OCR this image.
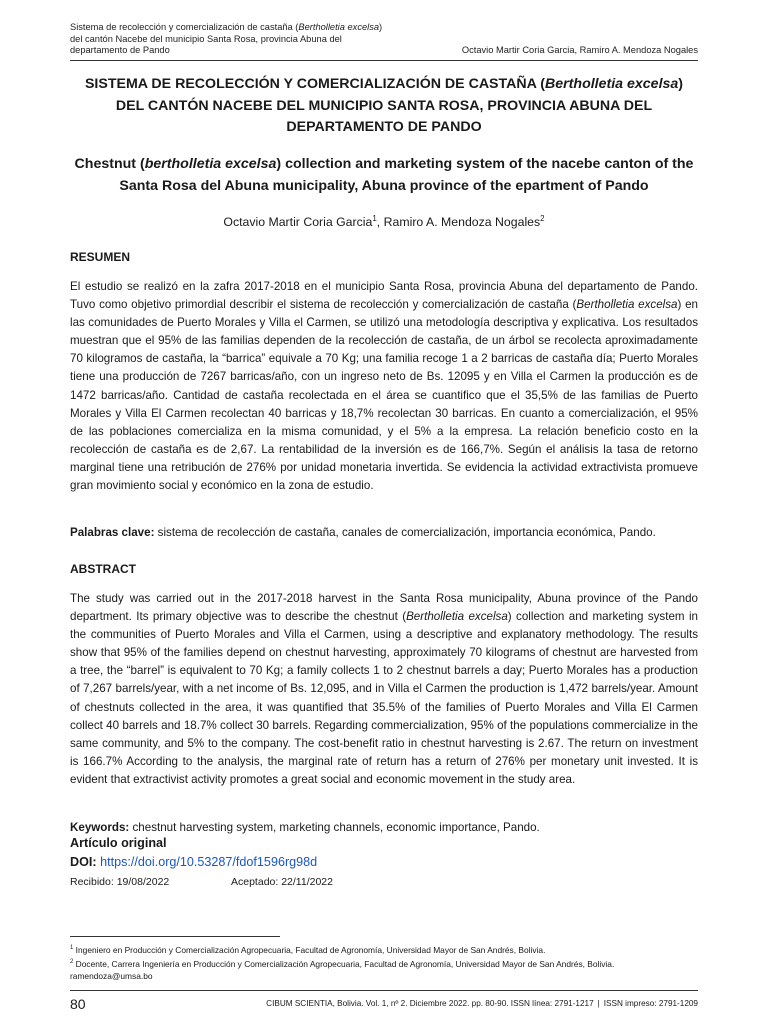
Sistema de recolección y comercialización de castaña (Bertholletia excelsa) del cantón Nacebe del municipio Santa Rosa, provincia Abuna del departamento de Pando	Octavio Martir Coria Garcia, Ramiro A. Mendoza Nogales
SISTEMA DE RECOLECCIÓN Y COMERCIALIZACIÓN DE CASTAÑA (Bertholletia excelsa) DEL CANTÓN NACEBE DEL MUNICIPIO SANTA ROSA, PROVINCIA ABUNA DEL DEPARTAMENTO DE PANDO
Chestnut (bertholletia excelsa) collection and marketing system of the nacebe canton of the Santa Rosa del Abuna municipality, Abuna province of the epartment of Pando
Octavio Martir Coria Garcia$^1$, Ramiro A. Mendoza Nogales$^2$
RESUMEN
El estudio se realizó en la zafra 2017-2018 en el municipio Santa Rosa, provincia Abuna del departamento de Pando. Tuvo como objetivo primordial describir el sistema de recolección y comercialización de castaña (Bertholletia excelsa) en las comunidades de Puerto Morales y Villa el Carmen, se utilizó una metodología descriptiva y explicativa. Los resultados muestran que el 95% de las familias dependen de la recolección de castaña, de un árbol se recolecta aproximadamente 70 kilogramos de castaña, la “barrica” equivale a 70 Kg; una familia recoge 1 a 2 barricas de castaña día; Puerto Morales tiene una producción de 7267 barricas/año, con un ingreso neto de Bs. 12095 y en Villa el Carmen la producción es de 1472 barricas/año. Cantidad de castaña recolectada en el área se cuantifico que el 35,5% de las familias de Puerto Morales y Villa El Carmen recolectan 40 barricas y 18,7% recolectan 30 barricas. En cuanto a comercialización, el 95% de las poblaciones comercializa en la misma comunidad, y el 5% a la empresa. La relación beneficio costo en la recolección de castaña es de 2,67. La rentabilidad de la inversión es de 166,7%. Según el análisis la tasa de retorno marginal tiene una retribución de 276% por unidad monetaria invertida. Se evidencia la actividad extractivista promueve gran movimiento social y económico en la zona de estudio.
Palabras clave: sistema de recolección de castaña, canales de comercialización, importancia económica, Pando.
ABSTRACT
The study was carried out in the 2017-2018 harvest in the Santa Rosa municipality, Abuna province of the Pando department. Its primary objective was to describe the chestnut (Bertholletia excelsa) collection and marketing system in the communities of Puerto Morales and Villa el Carmen, using a descriptive and explanatory methodology. The results show that 95% of the families depend on chestnut harvesting, approximately 70 kilograms of chestnut are harvested from a tree, the “barrel” is equivalent to 70 Kg; a family collects 1 to 2 chestnut barrels a day; Puerto Morales has a production of 7,267 barrels/year, with a net income of Bs. 12,095, and in Villa el Carmen the production is 1,472 barrels/year. Amount of chestnuts collected in the area, it was quantified that 35.5% of the families of Puerto Morales and Villa El Carmen collect 40 barrels and 18.7% collect 30 barrels. Regarding commercialization, 95% of the populations commercialize in the same community, and 5% to the company. The cost-benefit ratio in chestnut harvesting is 2.67. The return on investment is 166.7% According to the analysis, the marginal rate of return has a return of 276% per monetary unit invested. It is evident that extractivist activity promotes a great social and economic movement in the study area.
Keywords: chestnut harvesting system, marketing channels, economic importance, Pando.
Artículo original
DOI: https://doi.org/10.53287/fdof1596rg98d
Recibido: 19/08/2022	Aceptado: 22/11/2022
$^1$ Ingeniero en Producción y Comercialización Agropecuaria, Facultad de Agronomía, Universidad Mayor de San Andrés, Bolivia.
$^2$ Docente, Carrera Ingeniería en Producción y Comercialización Agropecuaria, Facultad de Agronomía, Universidad Mayor de San Andrés, Bolivia.
ramendoza@umsa.bo
80	CIBUM SCIENTIA, Bolivia. Vol. 1, nº 2. Diciembre 2022. pp. 80-90. ISSN línea: 2791-1217 | ISSN impreso: 2791-1209
